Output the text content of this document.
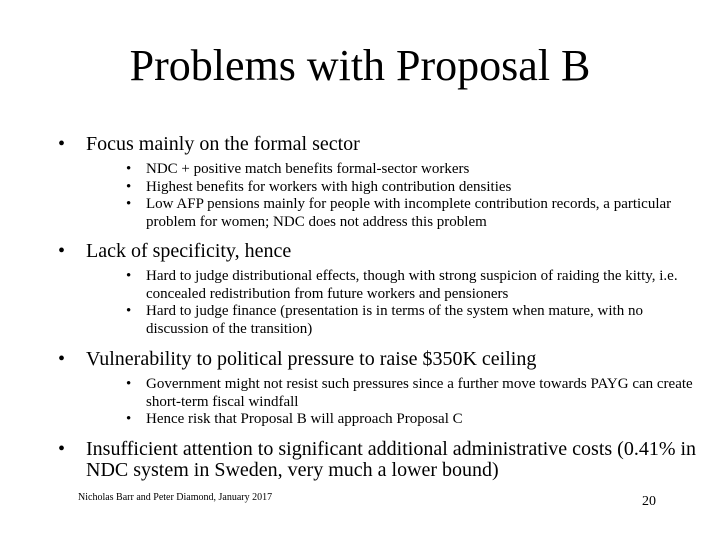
Problems with Proposal B
• Focus mainly on the formal sector
• NDC + positive match benefits formal-sector workers
• Highest benefits for workers with high contribution densities
• Low AFP pensions mainly for people with incomplete contribution records, a particular problem for women; NDC does not address this problem
• Lack of specificity, hence
• Hard to judge distributional effects, though with strong suspicion of raiding the kitty, i.e. concealed redistribution from future workers and pensioners
• Hard to judge finance (presentation is in terms of the system when mature, with no discussion of the transition)
• Vulnerability to political pressure to raise $350K ceiling
• Government might not resist such pressures since a further move towards PAYG can create short-term fiscal windfall
• Hence risk that Proposal B will approach Proposal C
• Insufficient attention to significant additional administrative costs (0.41% in NDC system in Sweden, very much a lower bound)
Nicholas Barr and Peter Diamond, January 2017	20
